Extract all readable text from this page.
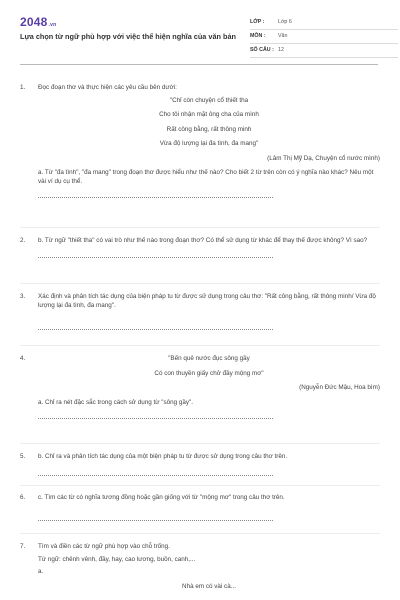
2048.vn
Lựa chọn từ ngữ phù hợp với việc thể hiện nghĩa của văn bản
LỚP :	Lớp 6
MÔN :	Văn
SỐ CÂU : 12
1.	Đọc đoạn thơ và thực hiện các yêu cầu bên dưới:

"Chỉ còn chuyện cổ thiết tha
Cho tôi nhận mặt ông cha của mình
Rất công bằng, rất thông minh
Vừa độ lượng lại đa tình, đa mang"
(Lâm Thị Mỹ Dạ, Chuyện cổ nước mình)

a. Từ "đa tình", "đa mang" trong đoạn thơ được hiểu như thế nào? Cho biết 2 từ trên còn có ý nghĩa nào khác? Nêu một vài ví dụ cụ thể.

2.	b. Từ ngữ "thiết tha" có vai trò như thế nào trong đoạn thơ? Có thể sử dụng từ khác để thay thế được không? Vì sao?

3.	Xác định và phân tích tác dụng của biện pháp tu từ được sử dụng trong câu thơ: "Rất công bằng, rất thông minh/ Vừa độ lượng lại đa tình, đa mang".

4.	"Bến quê nước đục sông gầy
Có con thuyền giấy chở đầy mộng mơ"
(Nguyễn Đức Mậu, Hoa bìm)

a. Chỉ ra nét đặc sắc trong cách sử dụng từ "sông gầy".

5.	b. Chỉ ra và phân tích tác dụng của một biện pháp tu từ được sử dụng trong câu thơ trên.

6.	c. Tìm các từ có nghĩa tương đồng hoặc gần giống với từ "mộng mơ" trong câu thơ trên.

7.	Tìm và điền các từ ngữ phù hợp vào chỗ trống.

Từ ngữ: chênh vênh, đầy, hay, cao lương, buồn, canh,...

a.

Nhà em có vài cà...
